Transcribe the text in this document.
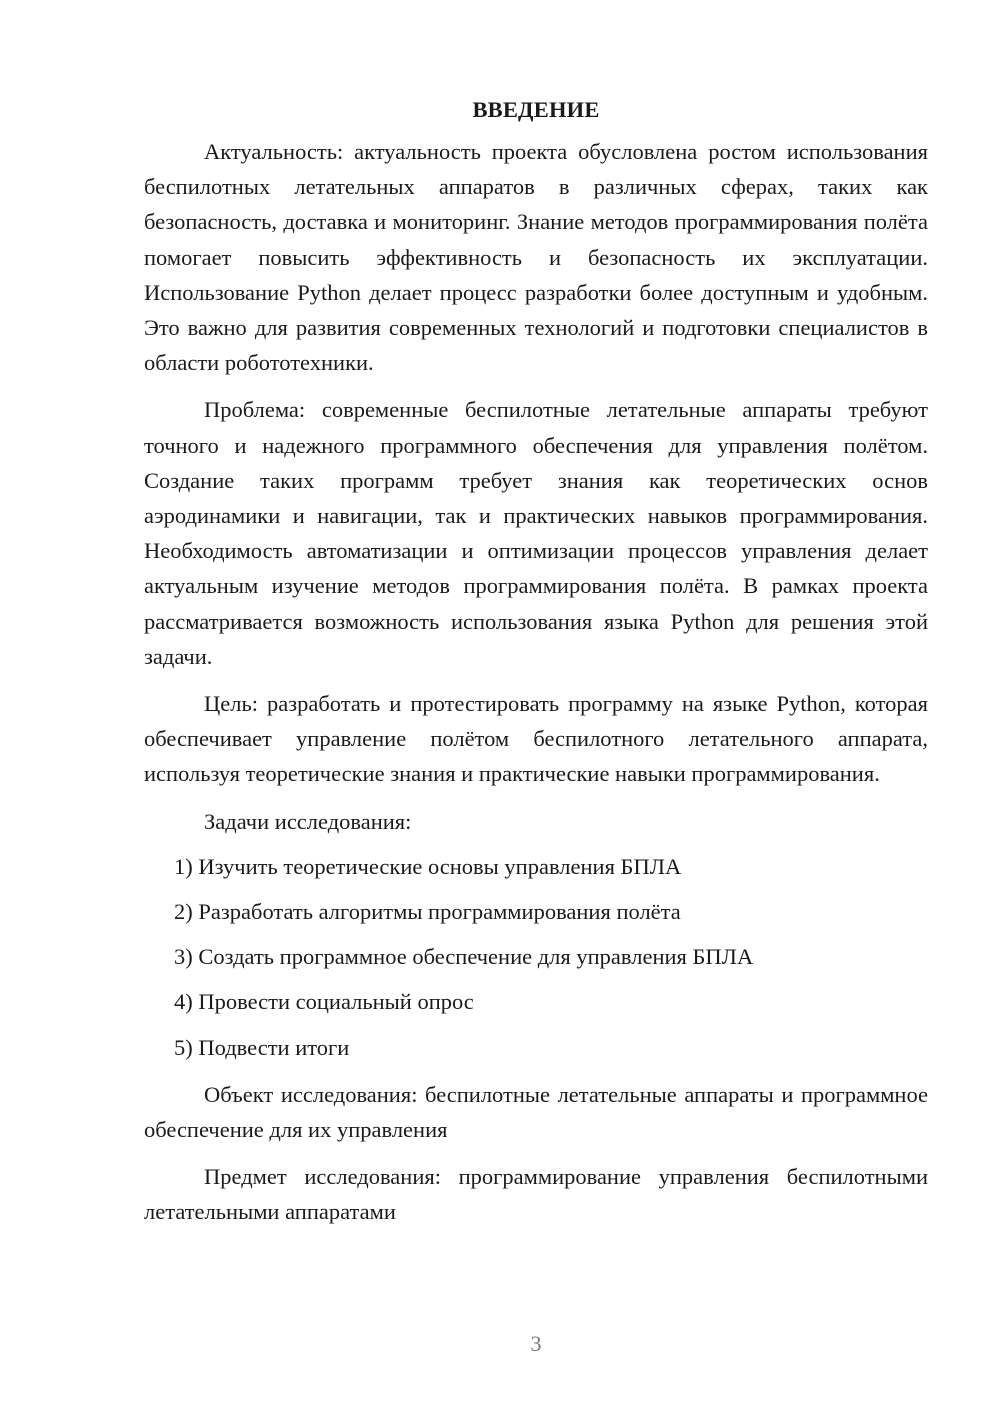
ВВЕДЕНИЕ

Актуальность: актуальность проекта обусловлена ростом использования беспилотных летательных аппаратов в различных сферах, таких как безопасность, доставка и мониторинг. Знание методов программирования полёта помогает повысить эффективность и безопасность их эксплуатации. Использование Python делает процесс разработки более доступным и удобным. Это важно для развития современных технологий и подготовки специалистов в области робототехники.

Проблема: современные беспилотные летательные аппараты требуют точного и надежного программного обеспечения для управления полётом. Создание таких программ требует знания как теоретических основ аэродинамики и навигации, так и практических навыков программирования. Необходимость автоматизации и оптимизации процессов управления делает актуальным изучение методов программирования полёта. В рамках проекта рассматривается возможность использования языка Python для решения этой задачи.

Цель: разработать и протестировать программу на языке Python, которая обеспечивает управление полётом беспилотного летательного аппарата, используя теоретические знания и практические навыки программирования.

Задачи исследования:

1) Изучить теоретические основы управления БПЛА
2) Разработать алгоритмы программирования полёта
3) Создать программное обеспечение для управления БПЛА
4) Провести социальный опрос
5) Подвести итоги

Объект исследования: беспилотные летательные аппараты и программное обеспечение для их управления

Предмет исследования: программирование управления беспилотными летательными аппаратами

3
